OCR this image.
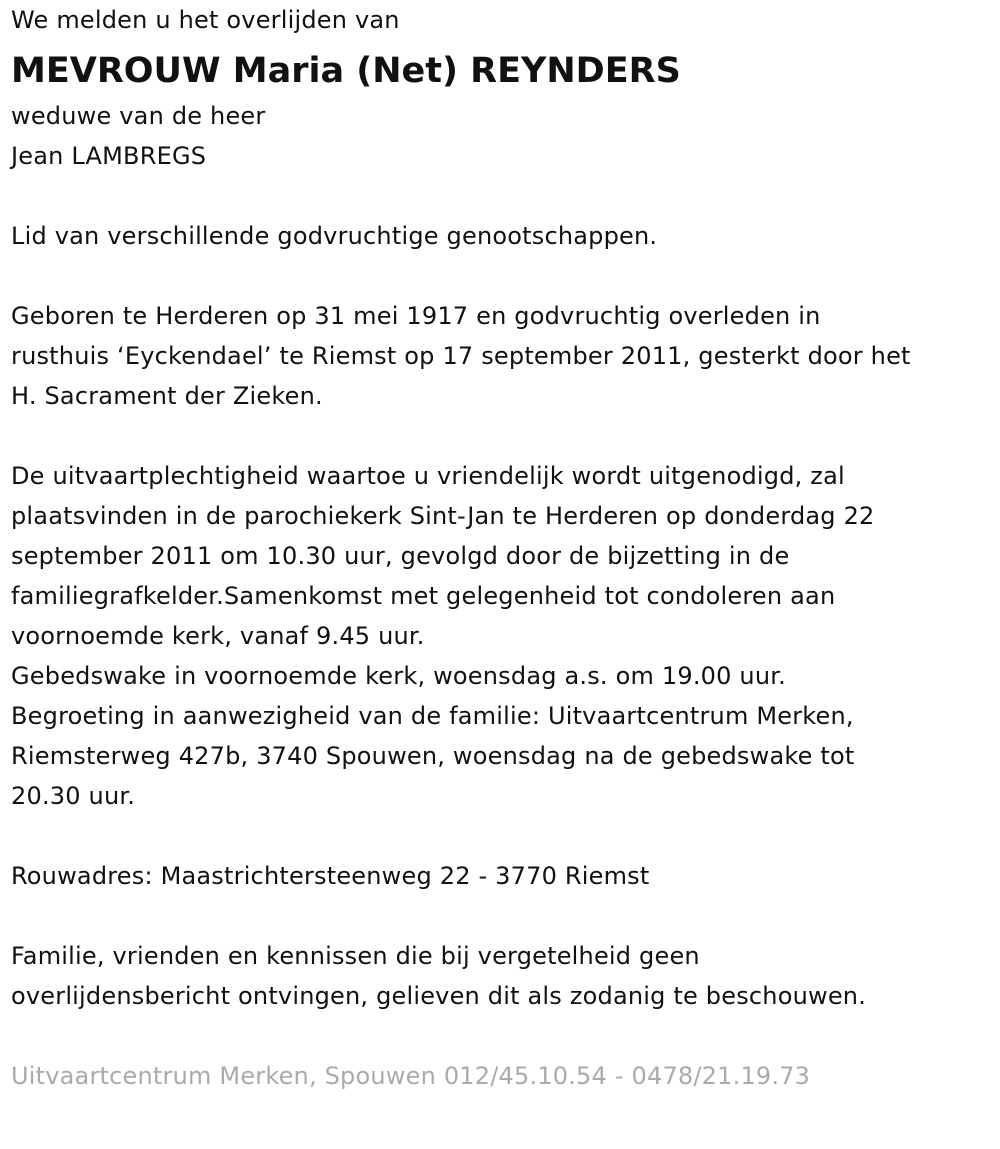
We melden u het overlijden van
MEVROUW Maria (Net) REYNDERS
weduwe van de heer
Jean LAMBREGS
Lid van verschillende godvruchtige genootschappen.
Geboren te Herderen op 31 mei 1917 en godvruchtig overleden in
rusthuis ‘Eyckendael’ te Riemst op 17 september 2011, gesterkt door het
H. Sacrament der Zieken.
De uitvaartplechtigheid waartoe u vriendelijk wordt uitgenodigd, zal
plaatsvinden in de parochiekerk Sint-Jan te Herderen op donderdag 22
september 2011 om 10.30 uur, gevolgd door de bijzetting in de
familiegrafkelder.Samenkomst met gelegenheid tot condoleren aan
voornoemde kerk, vanaf 9.45 uur.
Gebedswake in voornoemde kerk, woensdag a.s. om 19.00 uur.
Begroeting in aanwezigheid van de familie: Uitvaartcentrum Merken,
Riemsterweg 427b, 3740 Spouwen, woensdag na de gebedswake tot
20.30 uur.
Rouwadres: Maastrichtersteenweg 22 - 3770 Riemst
Familie, vrienden en kennissen die bij vergetelheid geen
overlijdensbericht ontvingen, gelieven dit als zodanig te beschouwen.
Uitvaartcentrum Merken, Spouwen 012/45.10.54 - 0478/21.19.73
